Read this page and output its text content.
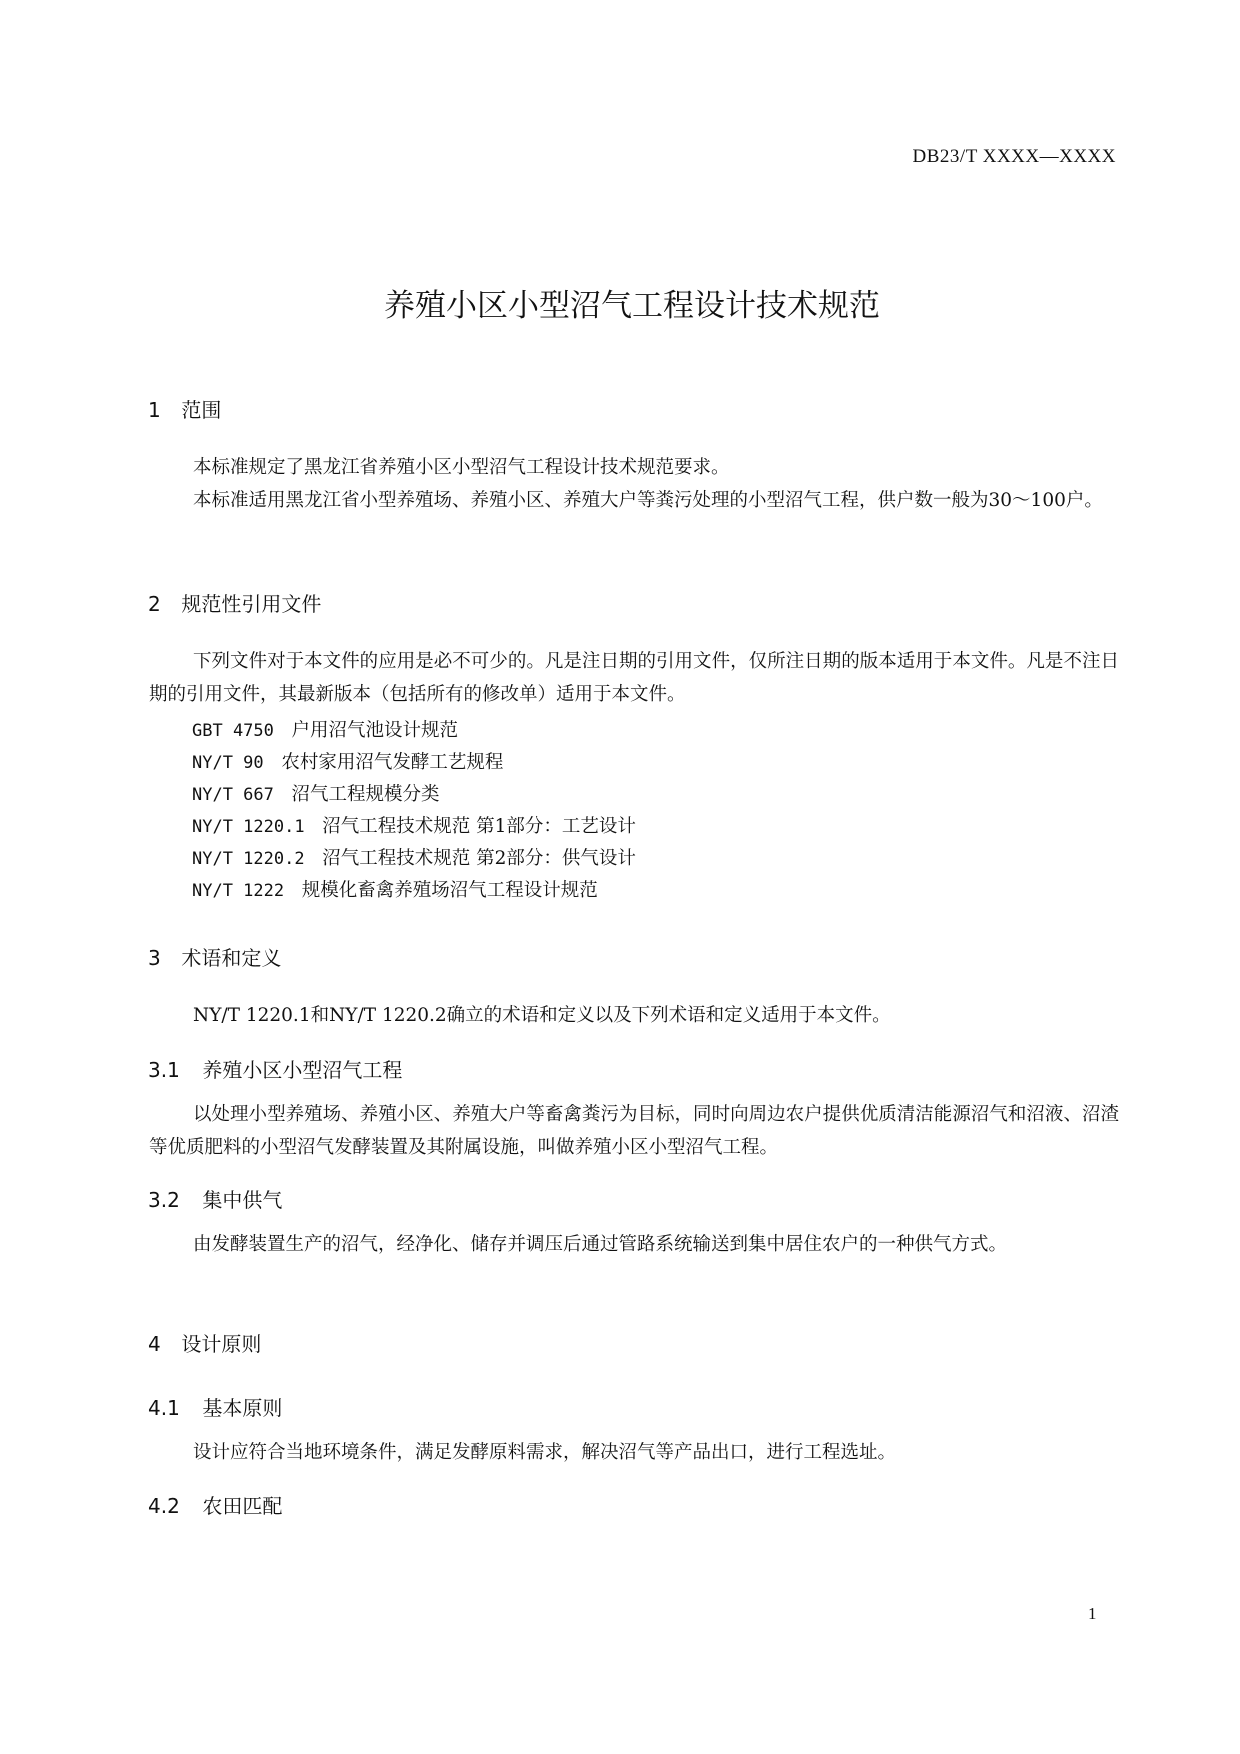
DB23/T XXXX—XXXX
养殖小区小型沼气工程设计技术规范
1 范围
本标准规定了黑龙江省养殖小区小型沼气工程设计技术规范要求。
本标准适用黑龙江省小型养殖场、养殖小区、养殖大户等粪污处理的小型沼气工程，供户数一般为30～100户。
2 规范性引用文件
下列文件对于本文件的应用是必不可少的。凡是注日期的引用文件，仅所注日期的版本适用于本文件。凡是不注日期的引用文件，其最新版本（包括所有的修改单）适用于本文件。
GBT 4750 户用沼气池设计规范
NY/T 90 农村家用沼气发酵工艺规程
NY/T 667 沼气工程规模分类
NY/T 1220.1 沼气工程技术规范 第1部分：工艺设计
NY/T 1220.2 沼气工程技术规范 第2部分：供气设计
NY/T 1222 规模化畜禽养殖场沼气工程设计规范
3 术语和定义
NY/T 1220.1和NY/T 1220.2确立的术语和定义以及下列术语和定义适用于本文件。
3.1 养殖小区小型沼气工程
以处理小型养殖场、养殖小区、养殖大户等畜禽粪污为目标，同时向周边农户提供优质清洁能源沼气和沼液、沼渣等优质肥料的小型沼气发酵装置及其附属设施，叫做养殖小区小型沼气工程。
3.2 集中供气
由发酵装置生产的沼气，经净化、储存并调压后通过管路系统输送到集中居住农户的一种供气方式。
4 设计原则
4.1 基本原则
设计应符合当地环境条件，满足发酵原料需求，解决沼气等产品出口，进行工程选址。
4.2 农田匹配
1
